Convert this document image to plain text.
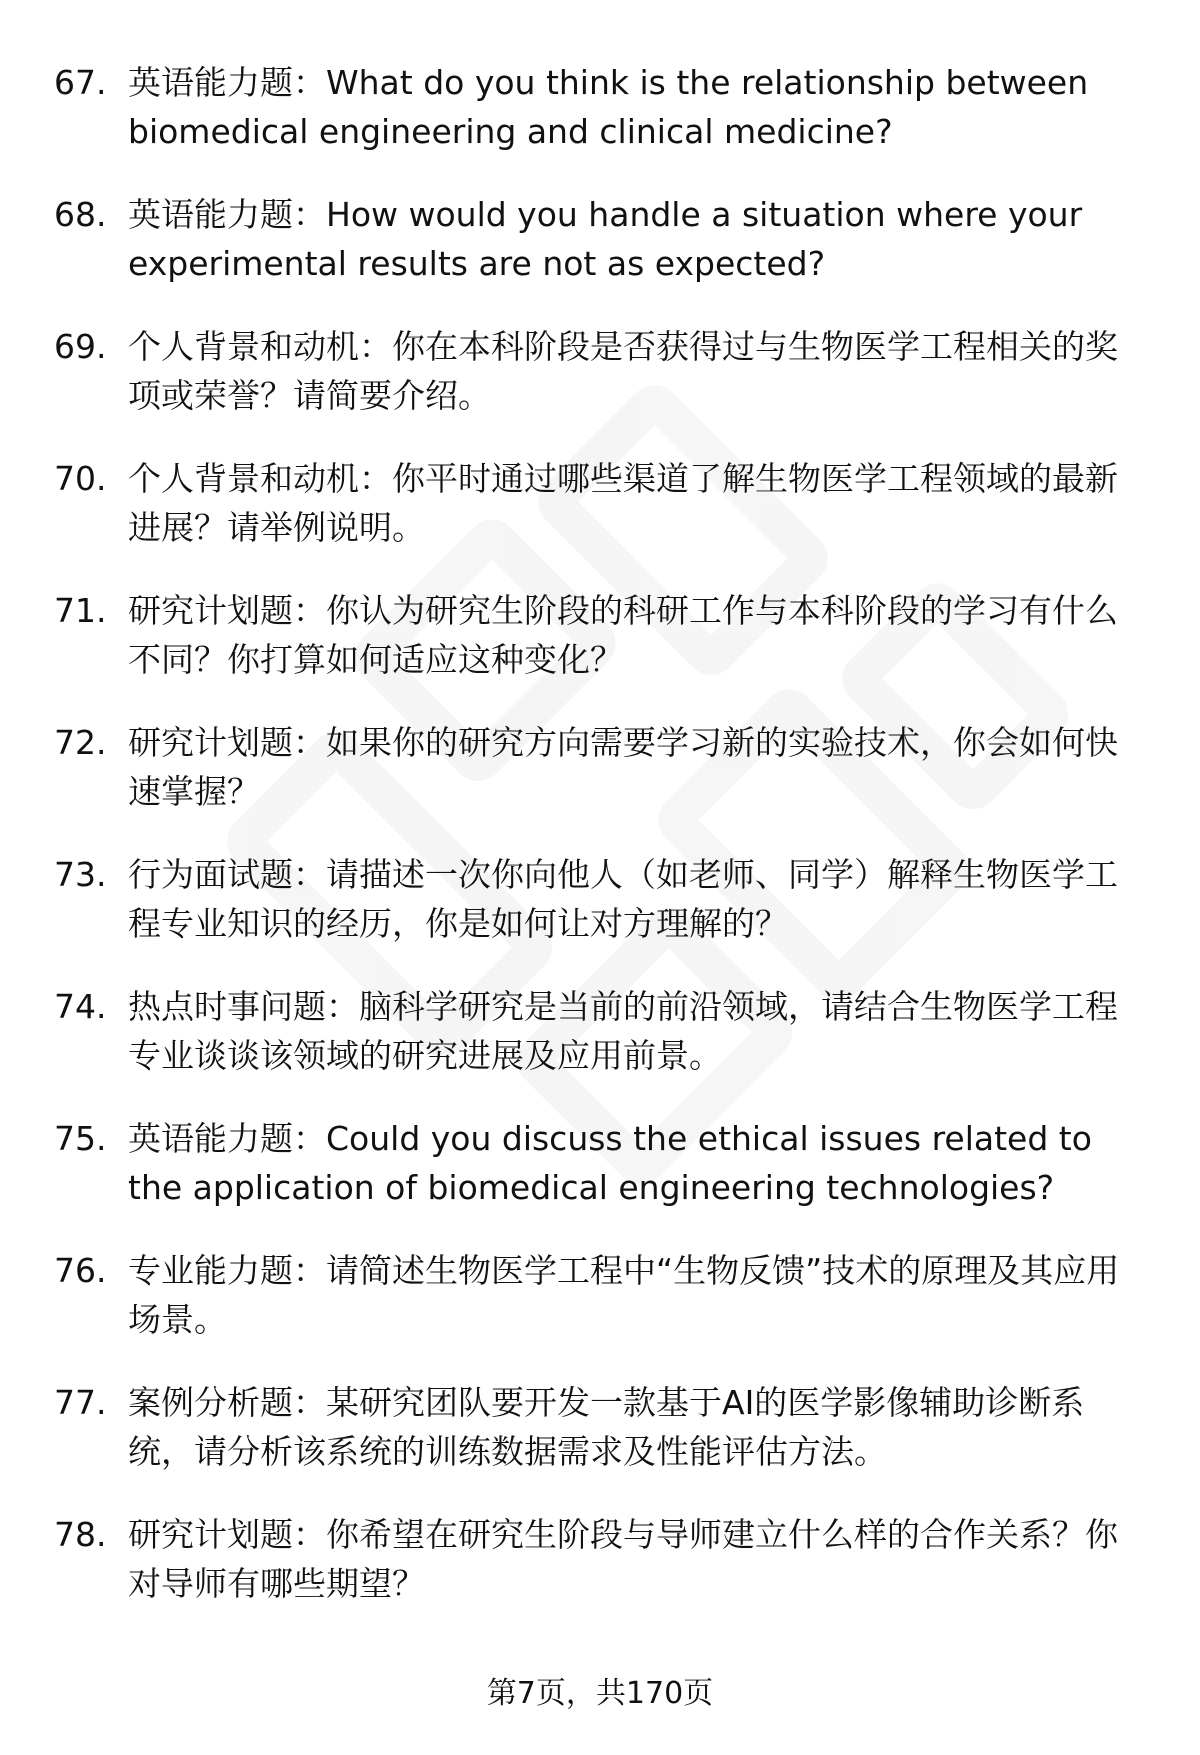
67. 英语能力题：What do you think is the relationship between biomedical engineering and clinical medicine?
68. 英语能力题：How would you handle a situation where your experimental results are not as expected?
69. 个人背景和动机：你在本科阶段是否获得过与生物医学工程相关的奖项或荣誉？请简要介绍。
70. 个人背景和动机：你平时通过哪些渠道了解生物医学工程领域的最新进展？请举例说明。
71. 研究计划题：你认为研究生阶段的科研工作与本科阶段的学习有什么不同？你打算如何适应这种变化？
72. 研究计划题：如果你的研究方向需要学习新的实验技术，你会如何快速掌握？
73. 行为面试题：请描述一次你向他人（如老师、同学）解释生物医学工程专业知识的经历，你是如何让对方理解的？
74. 热点时事问题：脑科学研究是当前的前沿领域，请结合生物医学工程专业谈谈该领域的研究进展及应用前景。
75. 英语能力题：Could you discuss the ethical issues related to the application of biomedical engineering technologies?
76. 专业能力题：请简述生物医学工程中“生物反馈”技术的原理及其应用场景。
77. 案例分析题：某研究团队要开发一款基于AI的医学影像辅助诊断系统，请分析该系统的训练数据需求及性能评估方法。
78. 研究计划题：你希望在研究生阶段与导师建立什么样的合作关系？你对导师有哪些期望？
第7页，共170页
